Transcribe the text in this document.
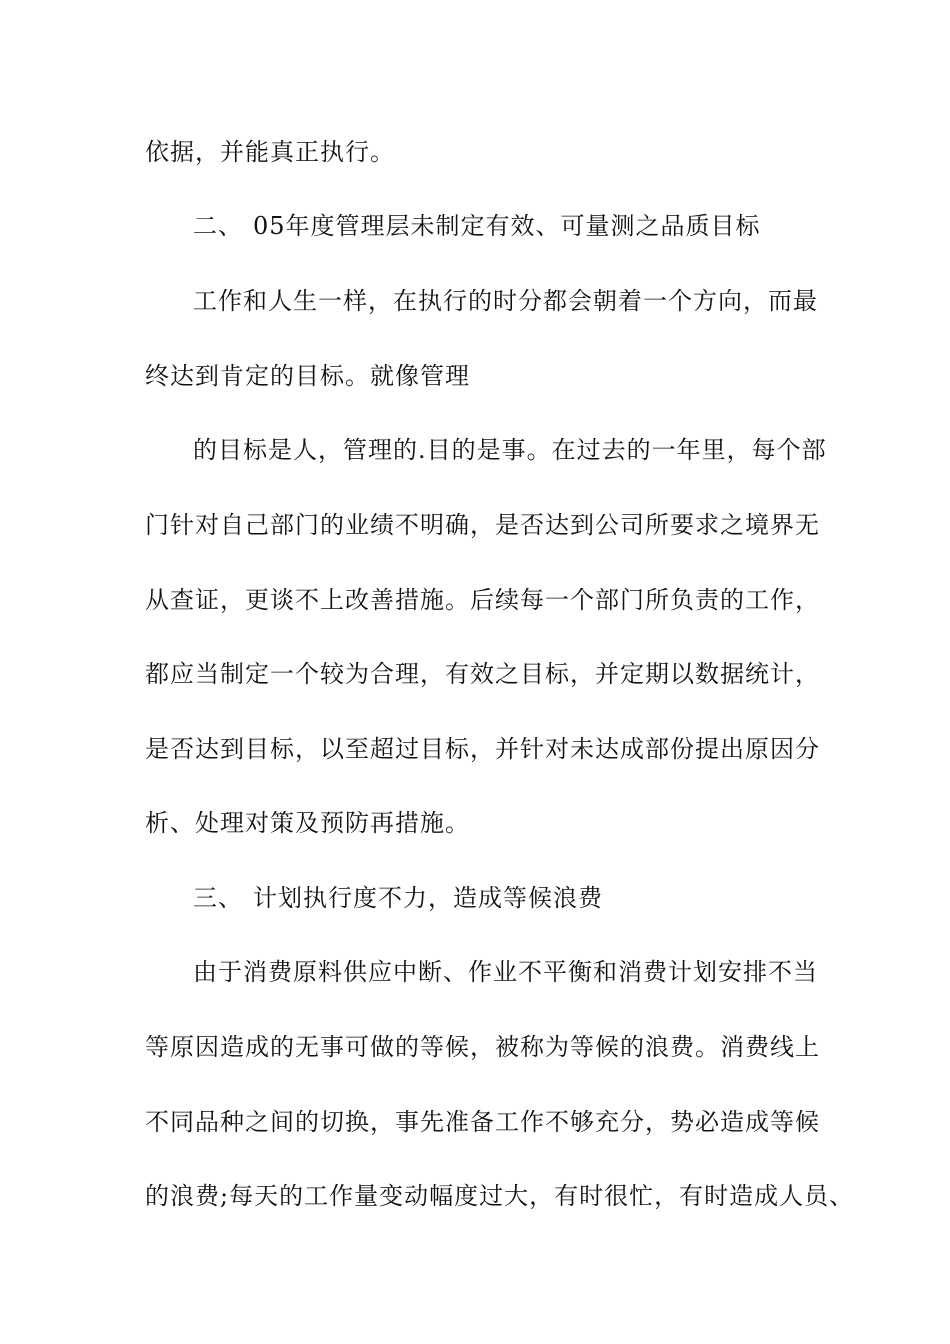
依据，并能真正执行。
二、 05年度管理层未制定有效、可量测之品质目标
工作和人生一样，在执行的时分都会朝着一个方向，而最
终达到肯定的目标。就像管理
的目标是人，管理的.目的是事。在过去的一年里，每个部
门针对自己部门的业绩不明确，是否达到公司所要求之境界无
从查证，更谈不上改善措施。后续每一个部门所负责的工作，
都应当制定一个较为合理，有效之目标，并定期以数据统计，
是否达到目标，以至超过目标，并针对未达成部份提出原因分
析、处理对策及预防再措施。
三、 计划执行度不力，造成等候浪费
由于消费原料供应中断、作业不平衡和消费计划安排不当
等原因造成的无事可做的等候，被称为等候的浪费。消费线上
不同品种之间的切换，事先准备工作不够充分，势必造成等候
的浪费;每天的工作量变动幅度过大，有时很忙，有时造成人员、
